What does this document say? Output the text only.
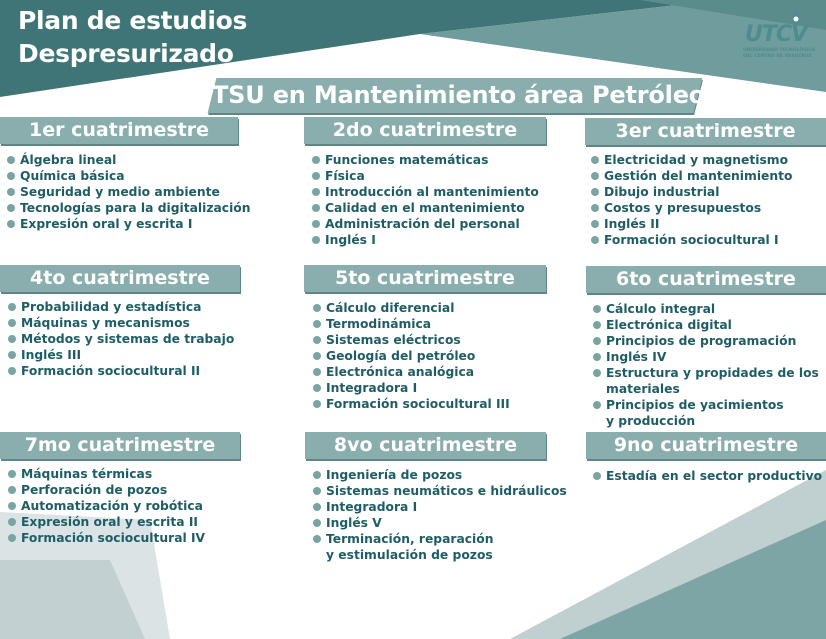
Plan de estudios
Despresurizado
UTCV
UNIVERSIDAD TECNOLÓGICA
DEL CENTRO DE VERACRUZ
TSU en Mantenimiento área Petróleo
1er cuatrimestre
Álgebra lineal
Química básica
Seguridad y medio ambiente
Tecnologías para la digitalización
Expresión oral y escrita I
2do cuatrimestre
Funciones matemáticas
Física
Introducción al mantenimiento
Calidad en el mantenimiento
Administración del personal
Inglés I
3er cuatrimestre
Electricidad y magnetismo
Gestión del mantenimiento
Dibujo industrial
Costos y presupuestos
Inglés II
Formación sociocultural I
4to cuatrimestre
Probabilidad y estadística
Máquinas y mecanismos
Métodos y sistemas de trabajo
Inglés III
Formación sociocultural II
5to cuatrimestre
Cálculo diferencial
Termodinámica
Sistemas eléctricos
Geología del petróleo
Electrónica analógica
Integradora I
Formación sociocultural III
6to cuatrimestre
Cálculo integral
Electrónica digital
Principios de programación
Inglés IV
Estructura y propidades de los
materiales
Principios de yacimientos
y producción
7mo cuatrimestre
Máquinas térmicas
Perforación de pozos
Automatización y robótica
Expresión oral y escrita II
Formación sociocultural IV
8vo cuatrimestre
Ingeniería de pozos
Sistemas neumáticos e hidráulicos
Integradora I
Inglés V
Terminación, reparación
y estimulación de pozos
9no cuatrimestre
Estadía en el sector productivo
